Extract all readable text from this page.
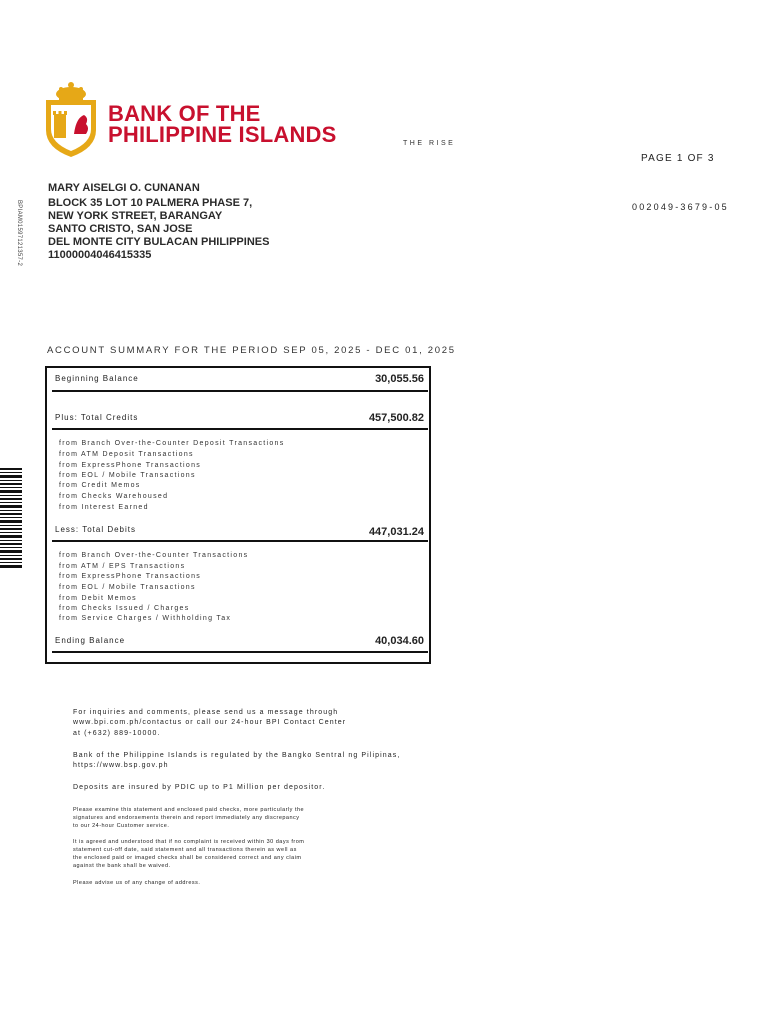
BANK OF THE
PHILIPPINE ISLANDS	THE RISE
PAGE 1 OF 3
002049-3679-05
BPIAM01597121357-2
MARY AISELGI O. CUNANAN
BLOCK 35 LOT 10 PALMERA PHASE 7,
NEW YORK STREET, BARANGAY
SANTO CRISTO, SAN JOSE
DEL MONTE CITY BULACAN PHILIPPINES
11000004046415335
ACCOUNT SUMMARY FOR THE PERIOD SEP 05, 2025 - DEC 01, 2025
Beginning Balance	30,055.56
Plus: Total Credits	457,500.82
from Branch Over-the-Counter Deposit Transactions
from ATM Deposit Transactions
from ExpressPhone Transactions
from EOL / Mobile Transactions
from Credit Memos
from Checks Warehoused
from Interest Earned
Less: Total Debits	447,031.24
from Branch Over-the-Counter Transactions
from ATM / EPS Transactions
from ExpressPhone Transactions
from EOL / Mobile Transactions
from Debit Memos
from Checks Issued / Charges
from Service Charges / Withholding Tax
Ending Balance	40,034.60
For inquiries and comments, please send us a message through
www.bpi.com.ph/contactus or call our 24-hour BPI Contact Center
at (+632) 889-10000.
Bank of the Philippine Islands is regulated by the Bangko Sentral ng Pilipinas,
https://www.bsp.gov.ph
Deposits are insured by PDIC up to P1 Million per depositor.
Please examine this statement and enclosed paid checks, more particularly the
signatures and endorsements therein and report immediately any discrepancy
to our 24-hour Customer service.
It is agreed and understood that if no complaint is received within 30 days from
statement cut-off date, said statement and all transactions therein as well as
the enclosed paid or imaged checks shall be considered correct and any claim
against the bank shall be waived.
Please advise us of any change of address.
